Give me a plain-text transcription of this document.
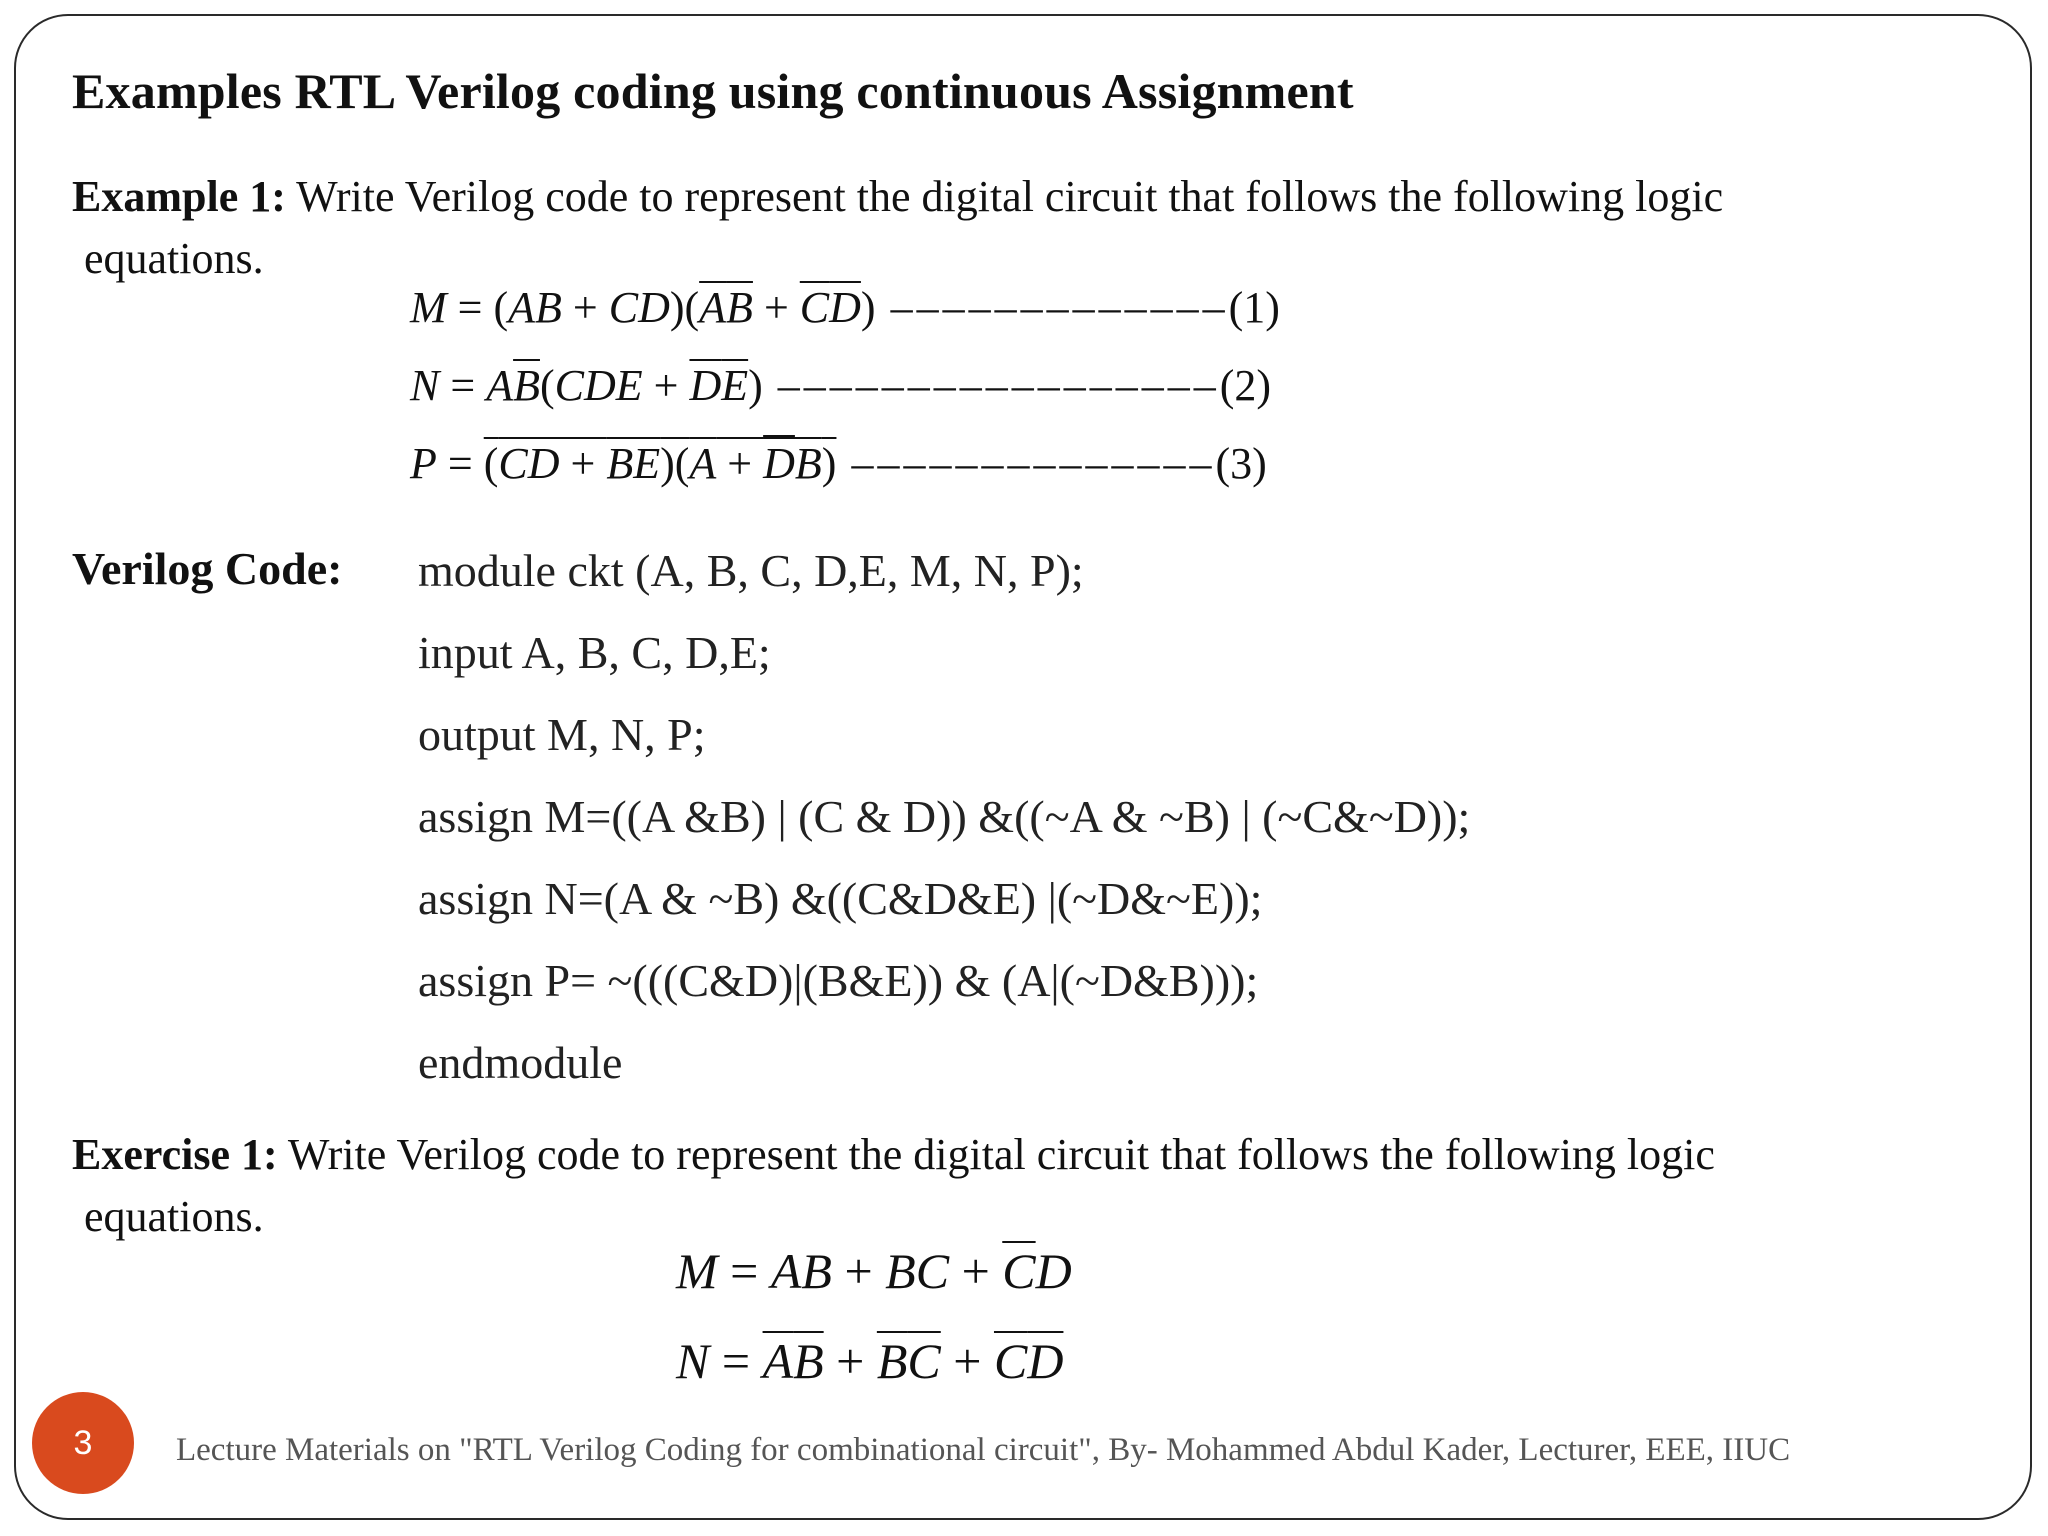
Examples RTL Verilog coding using continuous Assignment
Example 1: Write Verilog code to represent the digital circuit that follows the following logic
equations.
$M = (AB + CD)(\overline{A}\overline{B} + \overline{C}\overline{D})$ –––––––––––––(1)
$N = A\overline{B}(CDE + \overline{D}\overline{E})$ –––––––––––––––––(2)
P = (CD + BE)(A + DB) ––––––––––––––(3)
Verilog Code: module ckt (A, B, C, D,E, M, N, P);
input A, B, C, D,E;
output M, N, P;
assign M=((A &B) | (C & D)) &((~A & ~B) | (~C&~D));
assign N=(A & ~B) &((C&D&E) |(~D&~E));
assign P= ~(((C&D)|(B&E)) & (A|(~D&B)));
endmodule
Exercise 1: Write Verilog code to represent the digital circuit that follows the following logic
equations.
M = AB + BC + $\overline{C}D$
$N = \overline{A}\overline{B} + \overline{B}\overline{C} + \overline{C}\overline{D}$
3	Lecture Materials on "RTL Verilog Coding for combinational circuit", By- Mohammed Abdul Kader, Lecturer, EEE, IIUC
